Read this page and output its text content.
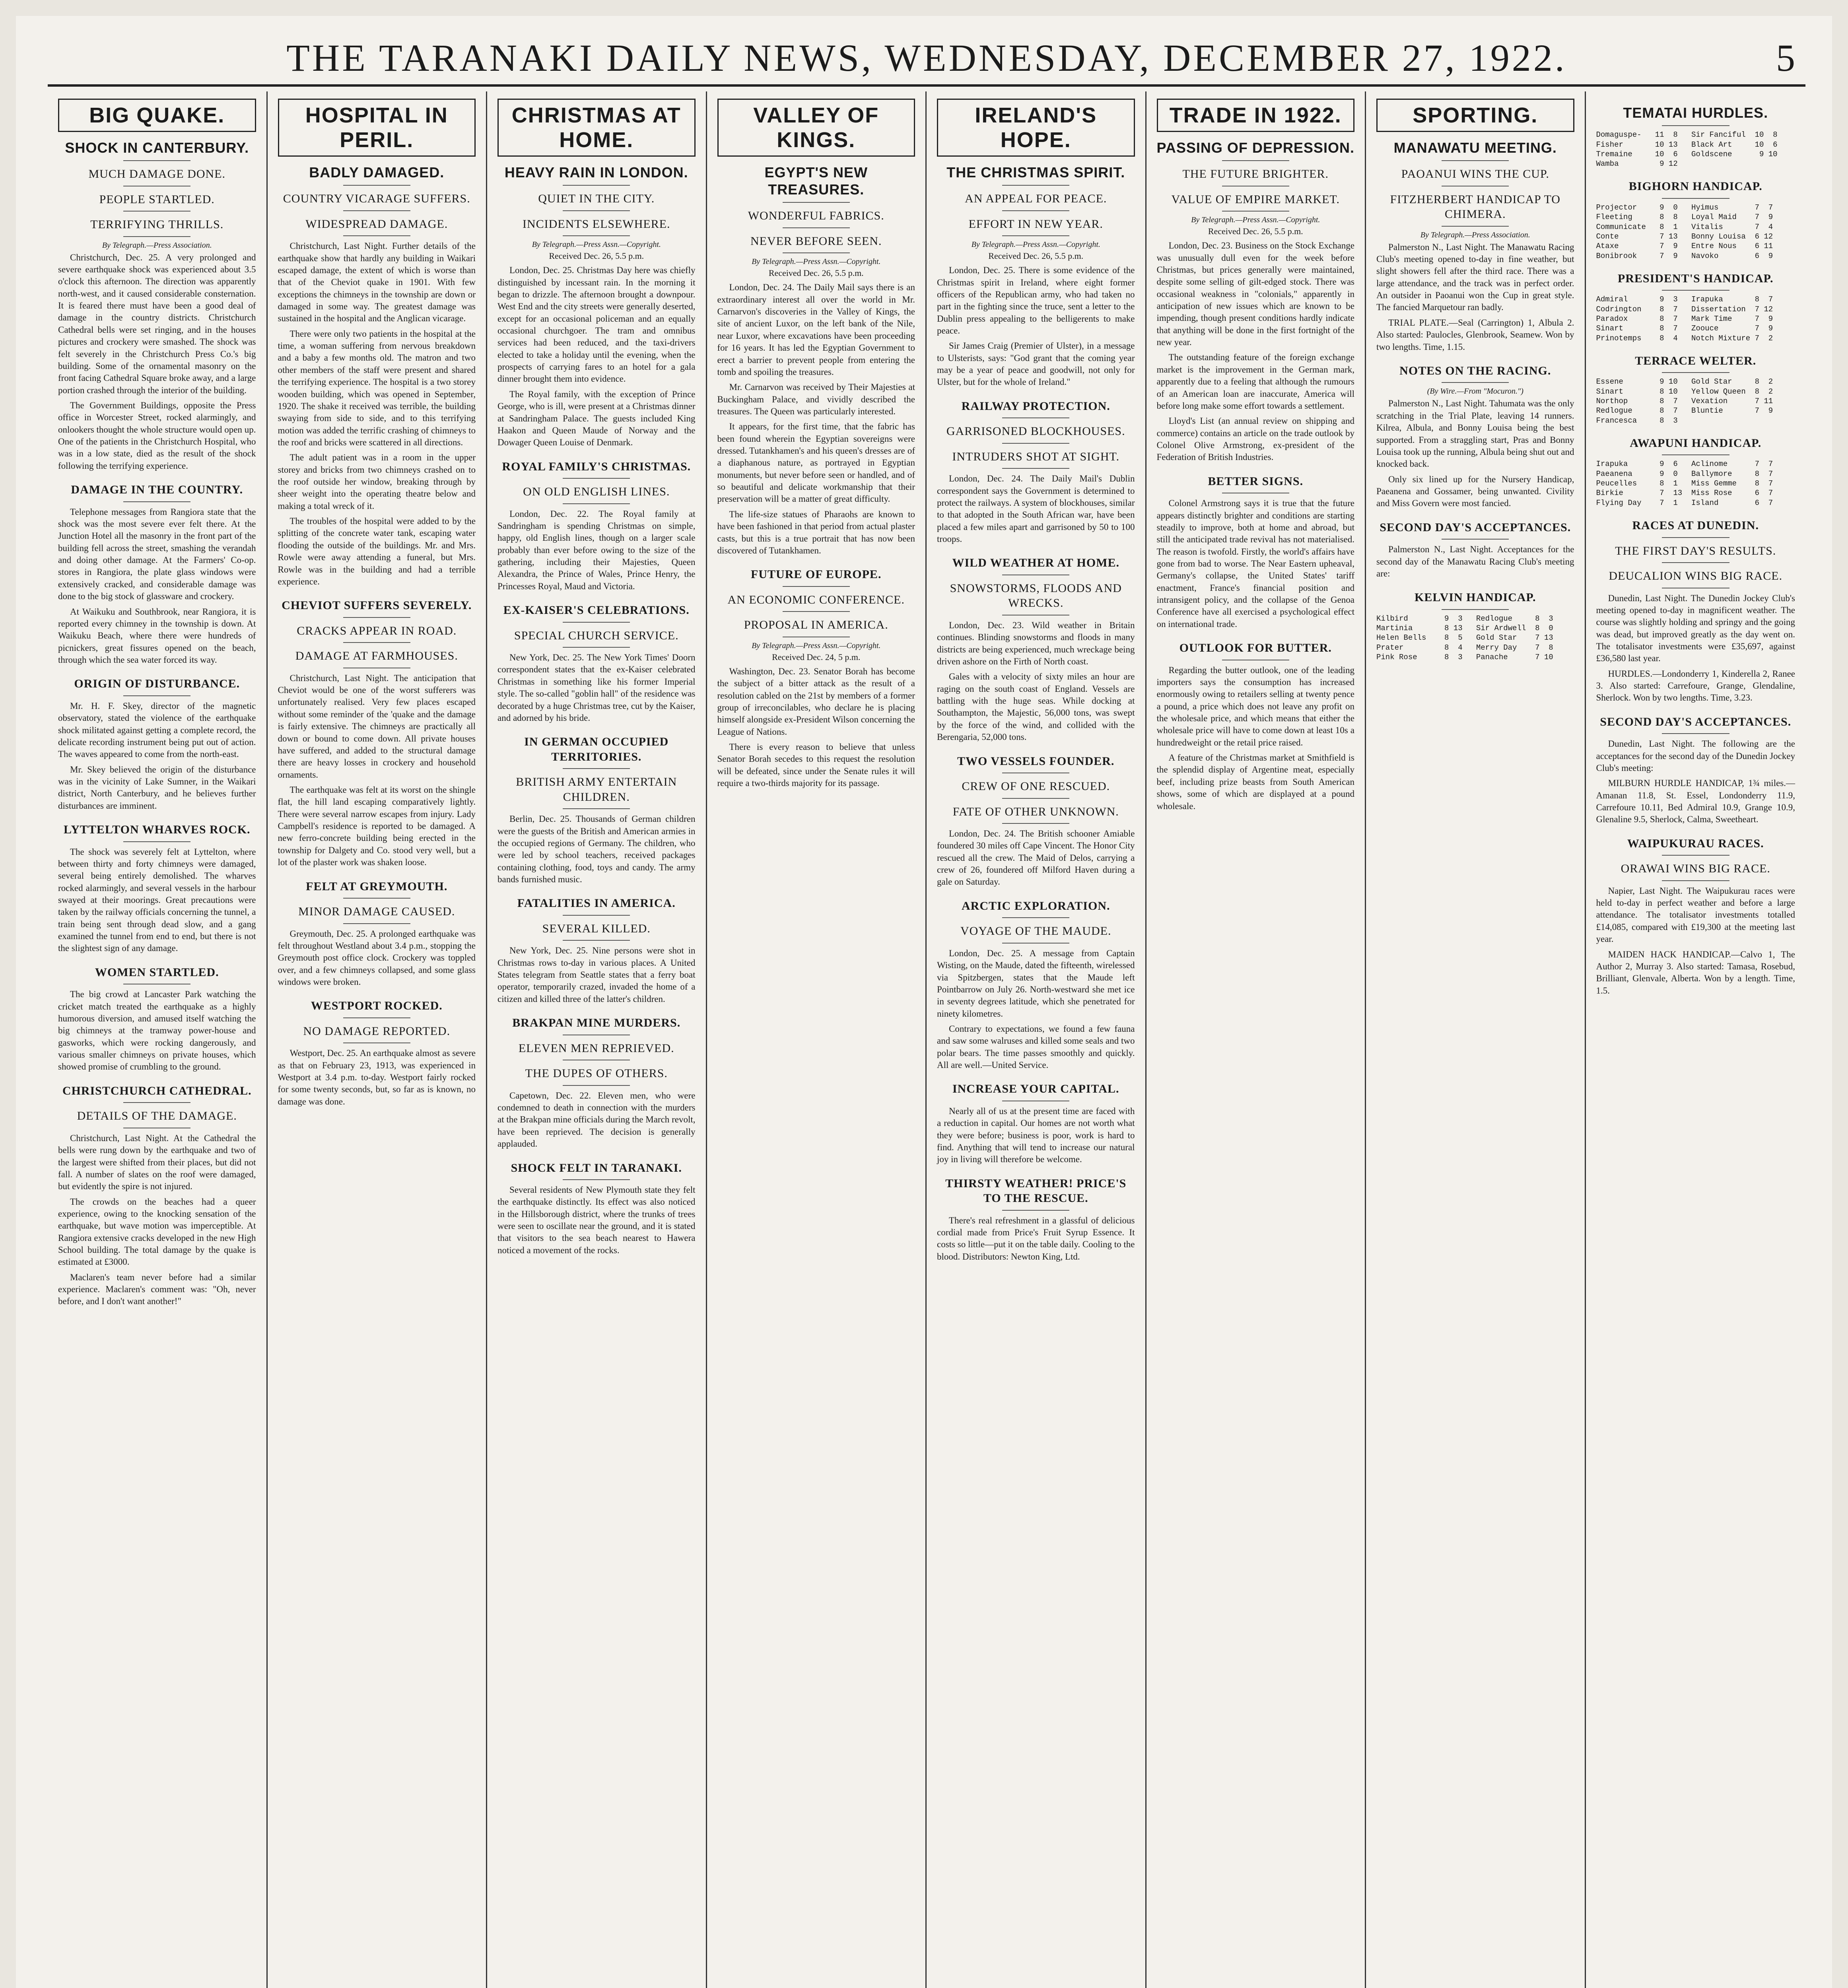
THE TARANAKI DAILY NEWS, WEDNESDAY, DECEMBER 27, 1922.	5
BIG QUAKE.
SHOCK IN CANTERBURY.
MUCH DAMAGE DONE.
PEOPLE STARTLED.
TERRIFYING THRILLS.
By Telegraph.—Press Association.

Christchurch, Dec. 25. A very prolonged and severe earthquake shock was experienced about 3.5 o'clock this afternoon. The direction was apparently north-west, and it caused considerable consternation. It is feared there must have been a good deal of damage in the country districts. Christchurch Cathedral bells were set ringing, and in the houses pictures and crockery were smashed. The shock was felt severely in the Christchurch Press Co.'s big building. Some of the ornamental masonry on the front facing Cathedral Square broke away, and a large portion crashed through the interior of the building.

The Government Buildings, opposite the Press office in Worcester Street, rocked alarmingly, and onlookers thought the whole structure would open up. One of the patients in the Christchurch Hospital, who was in a low state, died as the result of the shock following the terrifying experience.

DAMAGE IN THE COUNTRY.

Telephone messages from Rangiora state that the shock was the most severe ever felt there. At the Junction Hotel all the masonry in the front part of the building fell across the street, smashing the verandah and doing other damage. At the Farmers' Co-op. stores in Rangiora, the plate glass windows were extensively cracked, and considerable damage was done to the big stock of glassware and crockery.

At Waikuku and Southbrook, near Rangiora, it is reported every chimney in the township is down. At Waikuku Beach, where there were hundreds of picnickers, great fissures opened on the beach, through which the sea water forced its way.

ORIGIN OF DISTURBANCE.

Mr. H. F. Skey, director of the magnetic observatory, stated the violence of the earthquake shock militated against getting a complete record, the delicate recording instrument being put out of action. The waves appeared to come from the north-east.

Mr. Skey believed the origin of the disturbance was in the vicinity of Lake Sumner, in the Waikari district, North Canterbury, and he believes further disturbances are imminent.

LYTTELTON WHARVES ROCK.

The shock was severely felt at Lyttelton, where between thirty and forty chimneys were damaged, several being entirely demolished. The wharves rocked alarmingly, and several vessels in the harbour swayed at their moorings. Great precautions were taken by the railway officials concerning the tunnel, a train being sent through dead slow, and a gang examined the tunnel from end to end, but there is not the slightest sign of any damage.

WOMEN STARTLED.

The big crowd at Lancaster Park watching the cricket match treated the earthquake as a highly humorous diversion, and amused itself watching the big chimneys at the tramway power-house and gasworks, which were rocking dangerously, and various smaller chimneys on private houses, which showed promise of crumbling to the ground.

CHRISTCHURCH CATHEDRAL.
DETAILS OF THE DAMAGE.

Christchurch, Last Night. At the Cathedral the bells were rung down by the earthquake and two of the largest were shifted from their places, but did not fall. A number of slates on the roof were damaged, but evidently the spire is not injured.

The crowds on the beaches had a queer experience, owing to the knocking sensation of the earthquake, but wave motion was imperceptible. At Rangiora extensive cracks developed in the new High School building. The total damage by the quake is estimated at £3000.

Maclaren's team never before had a similar experience. Maclaren's comment was: "Oh, never before, and I don't want another!"

HOSPITAL IN PERIL.
BADLY DAMAGED.
COUNTRY VICARAGE SUFFERS.
WIDESPREAD DAMAGE.

Christchurch, Last Night. Further details of the earthquake show that hardly any building in Waikari escaped damage, the extent of which is worse than that of the Cheviot quake in 1901. With few exceptions the chimneys in the township are down or damaged in some way. The greatest damage was sustained in the hospital and the Anglican vicarage.

There were only two patients in the hospital at the time, a woman suffering from nervous breakdown and a baby a few months old. The matron and two other members of the staff were present and shared the terrifying experience. The hospital is a two storey wooden building, which was opened in September, 1920. The shake it received was terrible, the building swaying from side to side, and to this terrifying motion was added the terrific crashing of chimneys to the roof and bricks were scattered in all directions.

The adult patient was in a room in the upper storey and bricks from two chimneys crashed on to the roof outside her window, breaking through by sheer weight into the operating theatre below and making a total wreck of it.

The troubles of the hospital were added to by the splitting of the concrete water tank, escaping water flooding the outside of the buildings. Mr. and Mrs. Rowle were away attending a funeral, but Mrs. Rowle was in the building and had a terrible experience.

CHEVIOT SUFFERS SEVERELY.
CRACKS APPEAR IN ROAD.
DAMAGE AT FARMHOUSES.

Christchurch, Last Night. The anticipation that Cheviot would be one of the worst sufferers was unfortunately realised. Very few places escaped without some reminder of the 'quake and the damage is fairly extensive. The chimneys are practically all down or bound to come down. All private houses have suffered, and added to the structural damage there are heavy losses in crockery and household ornaments.

The earthquake was felt at its worst on the shingle flat, the hill land escaping comparatively lightly. There were several narrow escapes from injury. Lady Campbell's residence is reported to be damaged. A new ferro-concrete building being erected in the township for Dalgety and Co. stood very well, but a lot of the plaster work was shaken loose.

FELT AT GREYMOUTH.
MINOR DAMAGE CAUSED.

Greymouth, Dec. 25. A prolonged earthquake was felt throughout Westland about 3.4 p.m., stopping the Greymouth post office clock. Crockery was toppled over, and a few chimneys collapsed, and some glass windows were broken.

WESTPORT ROCKED.
NO DAMAGE REPORTED.

Westport, Dec. 25. An earthquake almost as severe as that on February 23, 1913, was experienced in Westport at 3.4 p.m. to-day. Westport fairly rocked for some twenty seconds, but, so far as is known, no damage was done.

CHRISTMAS AT HOME.
HEAVY RAIN IN LONDON.
QUIET IN THE CITY.
INCIDENTS ELSEWHERE.
By Telegraph.—Press Assn.—Copyright.
Received Dec. 26, 5.5 p.m.

London, Dec. 25. Christmas Day here was chiefly distinguished by incessant rain. In the morning it began to drizzle. The afternoon brought a downpour. West End and the city streets were generally deserted, except for an occasional policeman and an equally occasional churchgoer. The tram and omnibus services had been reduced, and the taxi-drivers elected to take a holiday until the evening, when the prospects of carrying fares to an hotel for a gala dinner brought them into evidence.

The Royal family, with the exception of Prince George, who is ill, were present at a Christmas dinner at Sandringham Palace. The guests included King Haakon and Queen Maude of Norway and the Dowager Queen Louise of Denmark.

ROYAL FAMILY'S CHRISTMAS.
ON OLD ENGLISH LINES.

London, Dec. 22. The Royal family at Sandringham is spending Christmas on simple, happy, old English lines, though on a larger scale probably than ever before owing to the size of the gathering, including their Majesties, Queen Alexandra, the Prince of Wales, Prince Henry, the Princesses Royal, Maud and Victoria.

EX-KAISER'S CELEBRATIONS.
SPECIAL CHURCH SERVICE.

New York, Dec. 25. The New York Times' Doorn correspondent states that the ex-Kaiser celebrated Christmas in something like his former Imperial style. The so-called "goblin hall" of the residence was decorated by a huge Christmas tree, cut by the Kaiser, and adorned by his bride.

IN GERMAN OCCUPIED TERRITORIES.
BRITISH ARMY ENTERTAIN CHILDREN.

Berlin, Dec. 25. Thousands of German children were the guests of the British and American armies in the occupied regions of Germany. The children, who were led by school teachers, received packages containing clothing, food, toys and candy. The army bands furnished music.

FATALITIES IN AMERICA.
SEVERAL KILLED.

New York, Dec. 25. Nine persons were shot in Christmas rows to-day in various places. A United States telegram from Seattle states that a ferry boat operator, temporarily crazed, invaded the home of a citizen and killed three of the latter's children.

BRAKPAN MINE MURDERS.
ELEVEN MEN REPRIEVED.
THE DUPES OF OTHERS.

Capetown, Dec. 22. Eleven men, who were condemned to death in connection with the murders at the Brakpan mine officials during the March revolt, have been reprieved. The decision is generally applauded.

SHOCK FELT IN TARANAKI.

Several residents of New Plymouth state they felt the earthquake distinctly. Its effect was also noticed in the Hillsborough district, where the trunks of trees were seen to oscillate near the ground, and it is stated that visitors to the sea beach nearest to Hawera noticed a movement of the rocks.

VALLEY OF KINGS.
EGYPT'S NEW TREASURES.
WONDERFUL FABRICS.
NEVER BEFORE SEEN.
By Telegraph.—Press Assn.—Copyright.
Received Dec. 26, 5.5 p.m.

London, Dec. 24. The Daily Mail says there is an extraordinary interest all over the world in Mr. Carnarvon's discoveries in the Valley of Kings, the site of ancient Luxor, on the left bank of the Nile, near Luxor, where excavations have been proceeding for 16 years. It has led the Egyptian Government to erect a barrier to prevent people from entering the tomb and spoiling the treasures.

Mr. Carnarvon was received by Their Majesties at Buckingham Palace, and vividly described the treasures. The Queen was particularly interested.

It appears, for the first time, that the fabric has been found wherein the Egyptian sovereigns were dressed. Tutankhamen's and his queen's dresses are of a diaphanous nature, as portrayed in Egyptian monuments, but never before seen or handled, and of so beautiful and delicate workmanship that their preservation will be a matter of great difficulty.

The life-size statues of Pharaohs are known to have been fashioned in that period from actual plaster casts, but this is a true portrait that has now been discovered of Tutankhamen.

FUTURE OF EUROPE.
AN ECONOMIC CONFERENCE.
PROPOSAL IN AMERICA.
By Telegraph.—Press Assn.—Copyright.
Received Dec. 24, 5 p.m.

Washington, Dec. 23. Senator Borah has become the subject of a bitter attack as the result of a resolution cabled on the 21st by members of a former group of irreconcilables, who declare he is placing himself alongside ex-President Wilson concerning the League of Nations.

There is every reason to believe that unless Senator Borah secedes to this request the resolution will be defeated, since under the Senate rules it will require a two-thirds majority for its passage.

IRELAND'S HOPE.
THE CHRISTMAS SPIRIT.
AN APPEAL FOR PEACE.
EFFORT IN NEW YEAR.
By Telegraph.—Press Assn.—Copyright.
Received Dec. 26, 5.5 p.m.

London, Dec. 25. There is some evidence of the Christmas spirit in Ireland, where eight former officers of the Republican army, who had taken no part in the fighting since the truce, sent a letter to the Dublin press appealing to the belligerents to make peace.

Sir James Craig (Premier of Ulster), in a message to Ulsterists, says: "God grant that the coming year may be a year of peace and goodwill, not only for Ulster, but for the whole of Ireland."

RAILWAY PROTECTION.
GARRISONED BLOCKHOUSES.
INTRUDERS SHOT AT SIGHT.

London, Dec. 24. The Daily Mail's Dublin correspondent says the Government is determined to protect the railways. A system of blockhouses, similar to that adopted in the South African war, have been placed a few miles apart and garrisoned by 50 to 100 troops.

WILD WEATHER AT HOME.
SNOWSTORMS, FLOODS AND WRECKS.

London, Dec. 23. Wild weather in Britain continues. Blinding snowstorms and floods in many districts are being experienced, much wreckage being driven ashore on the Firth of North coast.

Gales with a velocity of sixty miles an hour are raging on the south coast of England. Vessels are battling with the huge seas. While docking at Southampton, the Majestic, 56,000 tons, was swept by the force of the wind, and collided with the Berengaria, 52,000 tons.

TWO VESSELS FOUNDER.
CREW OF ONE RESCUED.
FATE OF OTHER UNKNOWN.

London, Dec. 24. The British schooner Amiable foundered 30 miles off Cape Vincent. The Honor City rescued all the crew. The Maid of Delos, carrying a crew of 26, foundered off Milford Haven during a gale on Saturday.

ARCTIC EXPLORATION.
VOYAGE OF THE MAUDE.

London, Dec. 25. A message from Captain Wisting, on the Maude, dated the fifteenth, wirelessed via Spitzbergen, states that the Maude left Pointbarrow on July 26. North-westward she met ice in seventy degrees latitude, which she penetrated for ninety kilometres.

Contrary to expectations, we found a few fauna and saw some walruses and killed some seals and two polar bears. The time passes smoothly and quickly. All are well.—United Service.

INCREASE YOUR CAPITAL.

Nearly all of us at the present time are faced with a reduction in capital. Our homes are not worth what they were before; business is poor, work is hard to find. Anything that will tend to increase our natural joy in living will therefore be welcome.

THIRSTY WEATHER! PRICE'S TO THE RESCUE.

There's real refreshment in a glassful of delicious cordial made from Price's Fruit Syrup Essence. It costs so little—put it on the table daily. Cooling to the blood. Distributors: Newton King, Ltd.

TRADE IN 1922.
PASSING OF DEPRESSION.
THE FUTURE BRIGHTER.
VALUE OF EMPIRE MARKET.
By Telegraph.—Press Assn.—Copyright.
Received Dec. 26, 5.5 p.m.

London, Dec. 23. Business on the Stock Exchange was unusually dull even for the week before Christmas, but prices generally were maintained, despite some selling of gilt-edged stock. There was occasional weakness in "colonials," apparently in anticipation of new issues which are known to be impending, though present conditions hardly indicate that anything will be done in the first fortnight of the new year.

The outstanding feature of the foreign exchange market is the improvement in the German mark, apparently due to a feeling that although the rumours of an American loan are inaccurate, America will before long make some effort towards a settlement.

Lloyd's List (an annual review on shipping and commerce) contains an article on the trade outlook by Colonel Olive Armstrong, ex-president of the Federation of British Industries.

BETTER SIGNS.

Colonel Armstrong says it is true that the future appears distinctly brighter and conditions are starting steadily to improve, both at home and abroad, but still the anticipated trade revival has not materialised. The reason is twofold. Firstly, the world's affairs have gone from bad to worse. The Near Eastern upheaval, Germany's collapse, the United States' tariff enactment, France's financial position and intransigent policy, and the collapse of the Genoa Conference have all exercised a psychological effect on international trade.

OUTLOOK FOR BUTTER.

Regarding the butter outlook, one of the leading importers says the consumption has increased enormously owing to retailers selling at twenty pence a pound, a price which does not leave any profit on the wholesale price, and which means that either the wholesale price will have to come down at least 10s a hundredweight or the retail price raised.

A feature of the Christmas market at Smithfield is the splendid display of Argentine meat, especially beef, including prize beasts from South American shows, some of which are displayed at a pound wholesale.

SPORTING.
MANAWATU MEETING.
PAOANUI WINS THE CUP.
FITZHERBERT HANDICAP TO CHIMERA.
By Telegraph.—Press Association.

Palmerston N., Last Night. The Manawatu Racing Club's meeting opened to-day in fine weather, but slight showers fell after the third race. There was a large attendance, and the track was in perfect order. An outsider in Paoanui won the Cup in great style. The fancied Marquetour ran badly.

TRIAL PLATE.—Seal (Carrington) 1, Albula 2. Also started: Paulocles, Glenbrook, Seamew. Won by two lengths. Time, 1.15.

NOTES ON THE RACING.
(By Wire.—From "Mocuron.")

Palmerston N., Last Night. Tahumata was the only scratching in the Trial Plate, leaving 14 runners. Kilrea, Albula, and Bonny Louisa being the best supported. From a straggling start, Pras and Bonny Louisa took up the running, Albula being shut out and knocked back.

Only six lined up for the Nursery Handicap, Paeanena and Gossamer, being unwanted. Civility and Miss Govern were most fancied.

SECOND DAY'S ACCEPTANCES.

Palmerston N., Last Night. Acceptances for the second day of the Manawatu Racing Club's meeting are:

KELVIN HANDICAP.
Kilbird        9  3   Redlogue     8  3
Martinia       8 13   Sir Ardwell  8  0
Helen Bells    8  5   Gold Star    7 13
Prater         8  4   Merry Day    7  8
Pink Rose      8  3   Panache      7 10
TEMATAI HURDLES.
Domaguspe-   11  8   Sir Fanciful  10  8
Fisher       10 13   Black Art     10  6
Tremaine     10  6   Goldscene      9 10
Wamba         9 12
BIGHORN HANDICAP.
Projector     9  0   Hyimus        7  7
Fleeting      8  8   Loyal Maid    7  9
Communicate   8  1   Vitalis       7  4
Conte         7 13   Bonny Louisa  6 12
Ataxe         7  9   Entre Nous    6 11
Bonibrook     7  9   Navoko        6  9
PRESIDENT'S HANDICAP.
Admiral       9  3   Irapuka       8  7
Codrington    8  7   Dissertation  7 12
Paradox       8  7   Mark Time     7  9
Sinart        8  7   Zoouce        7  9
Prinotemps    8  4   Notch Mixture 7  2
TERRACE WELTER.
Essene        9 10   Gold Star     8  2
Sinart        8 10   Yellow Queen  8  2
Northop       8  7   Vexation      7 11
Redlogue      8  7   Bluntie       7  9
Francesca     8  3
AWAPUNI HANDICAP.
Irapuka       9  6   Aclinome      7  7
Paeanena      9  0   Ballymore     8  7
Peucelles     8  1   Miss Gemme    8  7
Birkie        7  13  Miss Rose     6  7
Flying Day    7  1   Island        6  7
RACES AT DUNEDIN.
THE FIRST DAY'S RESULTS.
DEUCALION WINS BIG RACE.

Dunedin, Last Night. The Dunedin Jockey Club's meeting opened to-day in magnificent weather. The course was slightly holding and springy and the going was dead, but improved greatly as the day went on. The totalisator investments were £35,697, against £36,580 last year.

HURDLES.—Londonderry 1, Kinderella 2, Ranee 3. Also started: Carrefoure, Grange, Glendaline, Sherlock. Won by two lengths. Time, 3.23.

SECOND DAY'S ACCEPTANCES.

Dunedin, Last Night. The following are the acceptances for the second day of the Dunedin Jockey Club's meeting:

MILBURN HURDLE HANDICAP, 1¾ miles.—Amanan 11.8, St. Essel, Londonderry 11.9, Carrefoure 10.11, Bed Admiral 10.9, Grange 10.9, Glenaline 9.5, Sherlock, Calma, Sweetheart.

WAIPUKURAU RACES.
ORAWAI WINS BIG RACE.

Napier, Last Night. The Waipukurau races were held to-day in perfect weather and before a large attendance. The totalisator investments totalled £14,085, compared with £19,300 at the meeting last year.

MAIDEN HACK HANDICAP.—Calvo 1, The Author 2, Murray 3. Also started: Tamasa, Rosebud, Brilliant, Glenvale, Alberta. Won by a length. Time, 1.5.
